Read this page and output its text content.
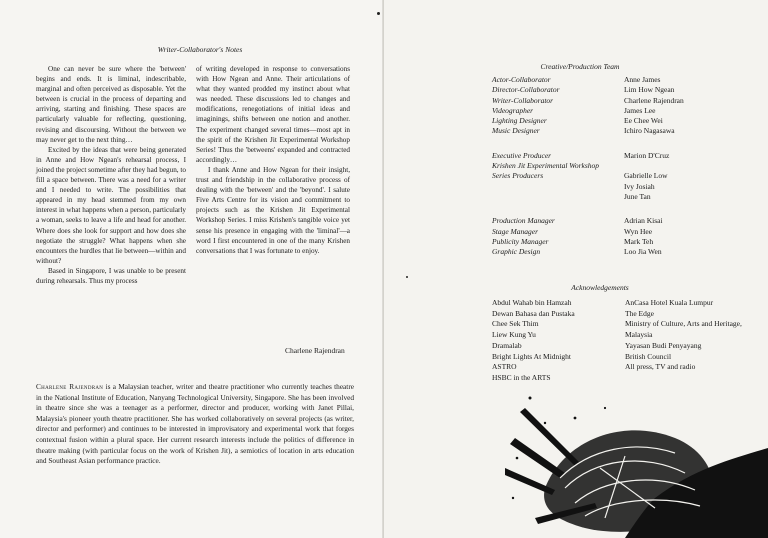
Writer-Collaborator's Notes

One can never be sure where the 'between' begins and ends. It is liminal, indescribable, marginal and often perceived as disposable. Yet the between is crucial in the process of departing and arriving, starting and finishing. These spaces are particularly valuable for reflecting, questioning, revising and discoursing. Without the between we may never get to the next thing…

Excited by the ideas that were being generated in Anne and How Ngean's rehearsal process, I joined the project sometime after they had begun, to fill a space between. There was a need for a writer and I needed to write. The possibilities that appeared in my head stemmed from my own interest in what happens when a person, particularly a woman, seeks to leave a life and head for another. Where does she look for support and how does she negotiate the struggle? What happens when she encounters the hurdles that lie between—within and without?

Based in Singapore, I was unable to be present during rehearsals. Thus my process

of writing developed in response to conversations with How Ngean and Anne. Their articulations of what they wanted prodded my instinct about what was needed. These discussions led to changes and modifications, renegotiations of initial ideas and imaginings, shifts between one notion and another. The experiment changed several times—most apt in the spirit of the Krishen Jit Experimental Workshop Series! Thus the 'betweens' expanded and contracted accordingly…

I thank Anne and How Ngean for their insight, trust and friendship in the collaborative process of dealing with the 'between' and the 'beyond'. I salute Five Arts Centre for its vision and commitment to projects such as the Krishen Jit Experimental Workshop Series. I miss Krishen's tangible voice yet sense his presence in engaging with the 'liminal'—a word I first encountered in one of the many Krishen conversations that I was fortunate to enjoy.

Charlene Rajendran
Charlene Rajendran is a Malaysian teacher, writer and theatre practitioner who currently teaches theatre in the National Institute of Education, Nanyang Technological University, Singapore. She has been involved in theatre since she was a teenager as a performer, director and producer, working with Janet Pillai, Malaysia's pioneer youth theatre practitioner. She has worked collaboratively on several projects (as writer, director and performer) and continues to be interested in improvisatory and experimental work that forges contextual fusion within a plural space. Her current research interests include the politics of difference in theatre making (with particular focus on the work of Krishen Jit), a semiotics of location in arts education and Southeast Asian performance practice.
Creative/Production Team
Actor-Collaborator	Anne James
Director-Collaborator	Lim How Ngean
Writer-Collaborator	Charlene Rajendran
Videographer	James Lee
Lighting Designer	Ee Chee Wei
Music Designer	Ichiro Nagasawa
Executive Producer	Marion D'Cruz
Krishen Jit Experimental Workshop
Series Producers	Gabrielle Low
Ivy Josiah
June Tan
Production Manager	Adrian Kisai
Stage Manager	Wyn Hee
Publicity Manager	Mark Teh
Graphic Design	Loo Jia Wen
Acknowledgements
Abdul Wahab bin Hamzah
Dewan Bahasa dan Pustaka
Chee Sek Thim
Liew Kung Yu
Dramalab
Bright Lights At Midnight
ASTRO
HSBC in the ARTS
AnCasa Hotel Kuala Lumpur
The Edge
Ministry of Culture, Arts and Heritage,
Malaysia
Yayasan Budi Penyayang
British Council
All press, TV and radio
